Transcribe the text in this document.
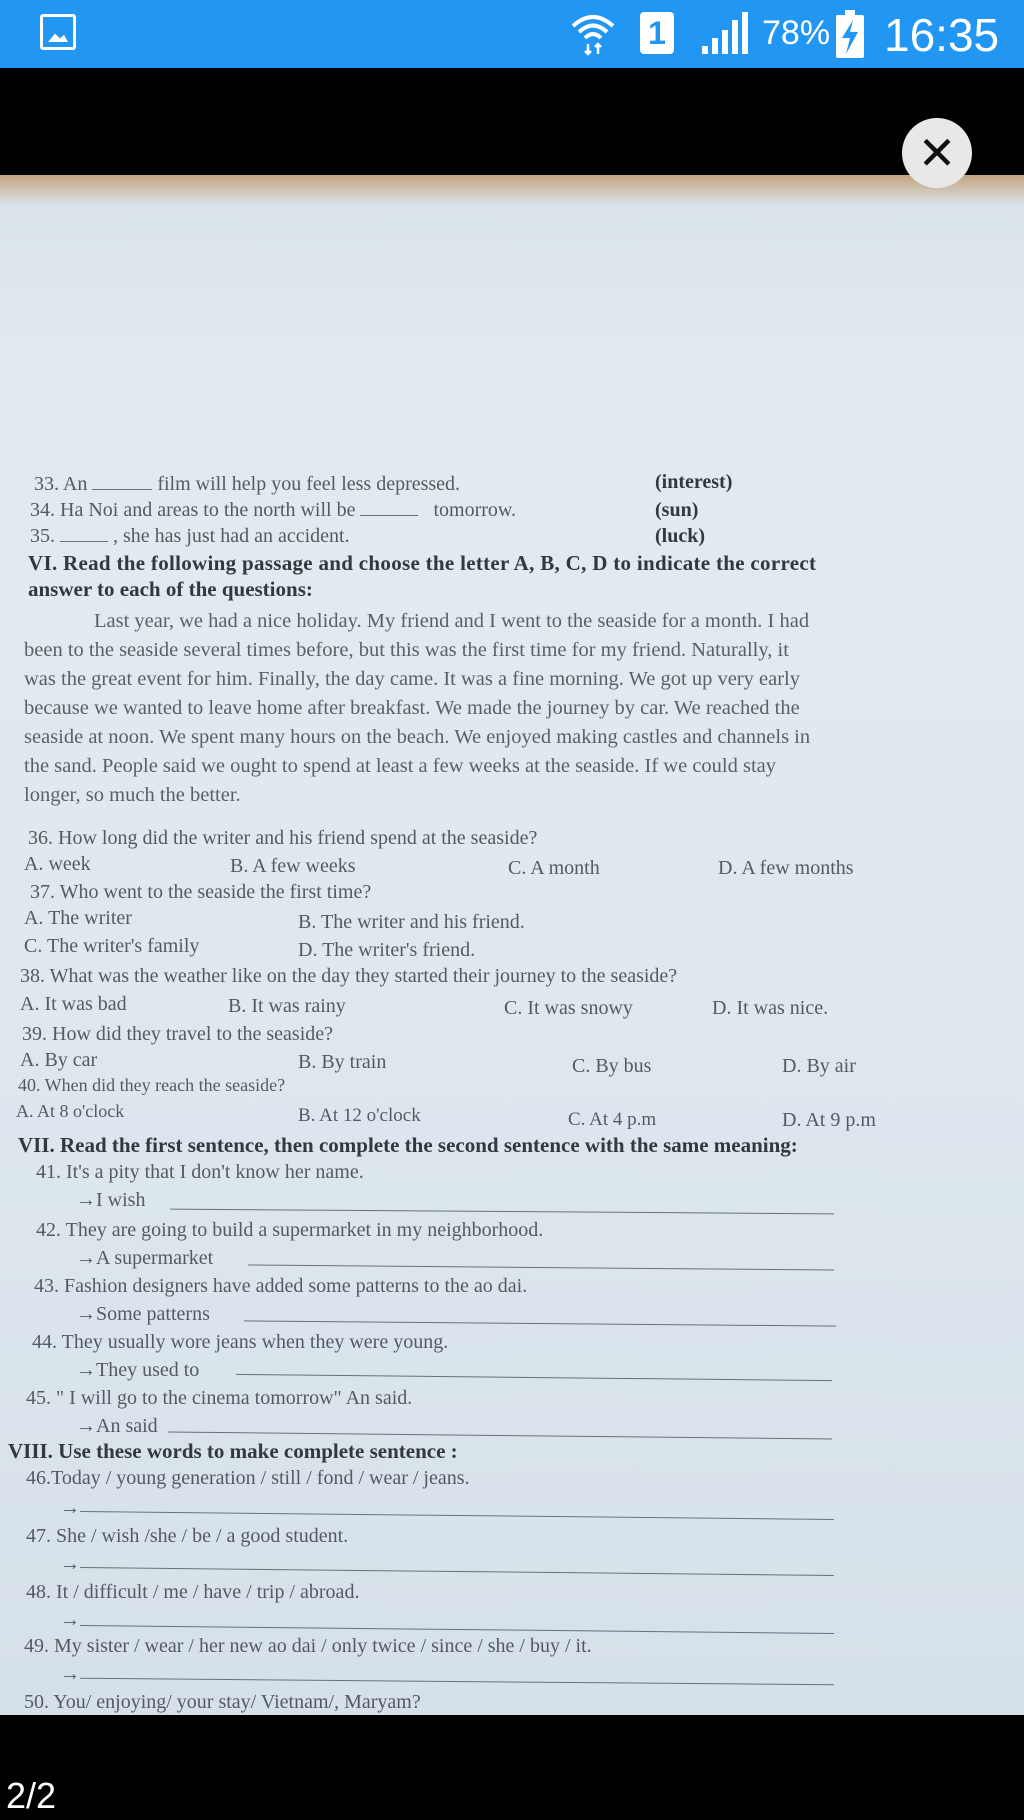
1	78% 16:35
✕
33. An	film will help you feel less depressed.	(interest)
34. Ha Noi and areas to the north will be	tomorrow.	(sun)
35.	, she has just had an accident.	(luck)
VI. Read the following passage and choose the letter A, B, C, D to indicate the correct
answer to each of the questions:
Last year, we had a nice holiday. My friend and I went to the seaside for a month. I had
been to the seaside several times before, but this was the first time for my friend. Naturally, it
was the great event for him. Finally, the day came. It was a fine morning. We got up very early
because we wanted to leave home after breakfast. We made the journey by car. We reached the
seaside at noon. We spent many hours on the beach. We enjoyed making castles and channels in
the sand. People said we ought to spend at least a few weeks at the seaside. If we could stay
longer, so much the better.
36. How long did the writer and his friend spend at the seaside?
A. week	B. A few weeks	C. A month	D. A few months
37. Who went to the seaside the first time?
A. The writer	B. The writer and his friend.
C. The writer's family	D. The writer's friend.
38. What was the weather like on the day they started their journey to the seaside?
A. It was bad	B. It was rainy	C. It was snowy	D. It was nice.
39. How did they travel to the seaside?
A. By car	B. By train	C. By bus	D. By air
40. When did they reach the seaside?
A. At 8 o'clock	B. At 12 o'clock	C. At 4 p.m	D. At 9 p.m
VII. Read the first sentence, then complete the second sentence with the same meaning:
41. It's a pity that I don't know her name.
→I wish
42. They are going to build a supermarket in my neighborhood.
→A supermarket
43. Fashion designers have added some patterns to the ao dai.
→Some patterns
44. They usually wore jeans when they were young.
→They used to
45. " I will go to the cinema tomorrow" An said.
→An said
VIII. Use these words to make complete sentence :
46.Today / young generation / still / fond / wear / jeans.
→
47. She / wish /she / be / a good student.
→
48. It / difficult / me / have / trip / abroad.
→
49. My sister / wear / her new ao dai / only twice / since / she / buy / it.
→
50. You/ enjoying/ your stay/ Vietnam/, Maryam?
2/2
